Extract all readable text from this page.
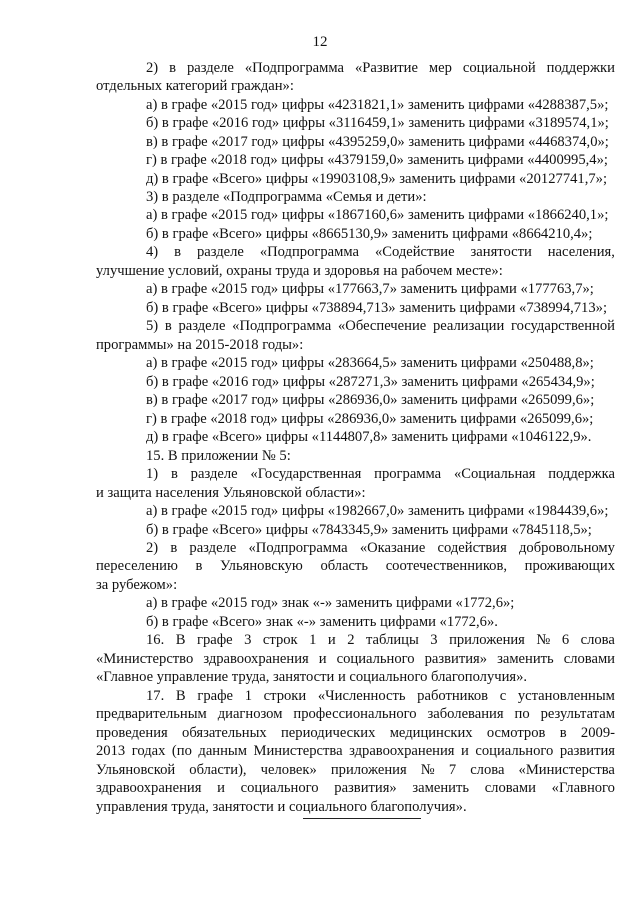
12
2) в разделе «Подпрограмма «Развитие мер социальной поддержки
отдельных категорий граждан»:
а) в графе «2015 год» цифры «4231821,1» заменить цифрами «4288387,5»;
б) в графе «2016 год» цифры «3116459,1» заменить цифрами «3189574,1»;
в) в графе «2017 год» цифры «4395259,0» заменить цифрами «4468374,0»;
г) в графе «2018 год» цифры «4379159,0» заменить цифрами «4400995,4»;
д) в графе «Всего» цифры «19903108,9» заменить цифрами «20127741,7»;
3) в разделе «Подпрограмма «Семья и дети»:
а) в графе «2015 год» цифры «1867160,6» заменить цифрами «1866240,1»;
б) в графе «Всего» цифры «8665130,9» заменить цифрами «8664210,4»;
4) в разделе «Подпрограмма «Содействие занятости населения,
улучшение условий, охраны труда и здоровья на рабочем месте»:
а) в графе «2015 год» цифры «177663,7» заменить цифрами «177763,7»;
б) в графе «Всего» цифры «738894,713» заменить цифрами «738994,713»;
5) в разделе «Подпрограмма «Обеспечение реализации государственной
программы» на 2015-2018 годы»:
а) в графе «2015 год» цифры «283664,5» заменить цифрами «250488,8»;
б) в графе «2016 год» цифры «287271,3» заменить цифрами «265434,9»;
в) в графе «2017 год» цифры «286936,0» заменить цифрами «265099,6»;
г) в графе «2018 год» цифры «286936,0» заменить цифрами «265099,6»;
д) в графе «Всего» цифры «1144807,8» заменить цифрами «1046122,9».
15. В приложении № 5:
1) в разделе «Государственная программа «Социальная поддержка
и защита населения Ульяновской области»:
а) в графе «2015 год» цифры «1982667,0» заменить цифрами «1984439,6»;
б) в графе «Всего» цифры «7843345,9» заменить цифрами «7845118,5»;
2) в разделе «Подпрограмма «Оказание содействия добровольному
переселению в Ульяновскую область соотечественников, проживающих
за рубежом»:
а) в графе «2015 год» знак «-» заменить цифрами «1772,6»;
б) в графе «Всего» знак «-» заменить цифрами «1772,6».
16. В графе 3 строк 1 и 2 таблицы 3 приложения № 6 слова
«Министерство здравоохранения и социального развития» заменить словами
«Главное управление труда, занятости и социального благополучия».
17. В графе 1 строки «Численность работников с установленным
предварительным диагнозом профессионального заболевания по результатам
проведения обязательных периодических медицинских осмотров в 2009-
2013 годах (по данным Министерства здравоохранения и социального развития
Ульяновской области), человек» приложения № 7 слова «Министерства
здравоохранения и социального развития» заменить словами «Главного
управления труда, занятости и социального благополучия».
